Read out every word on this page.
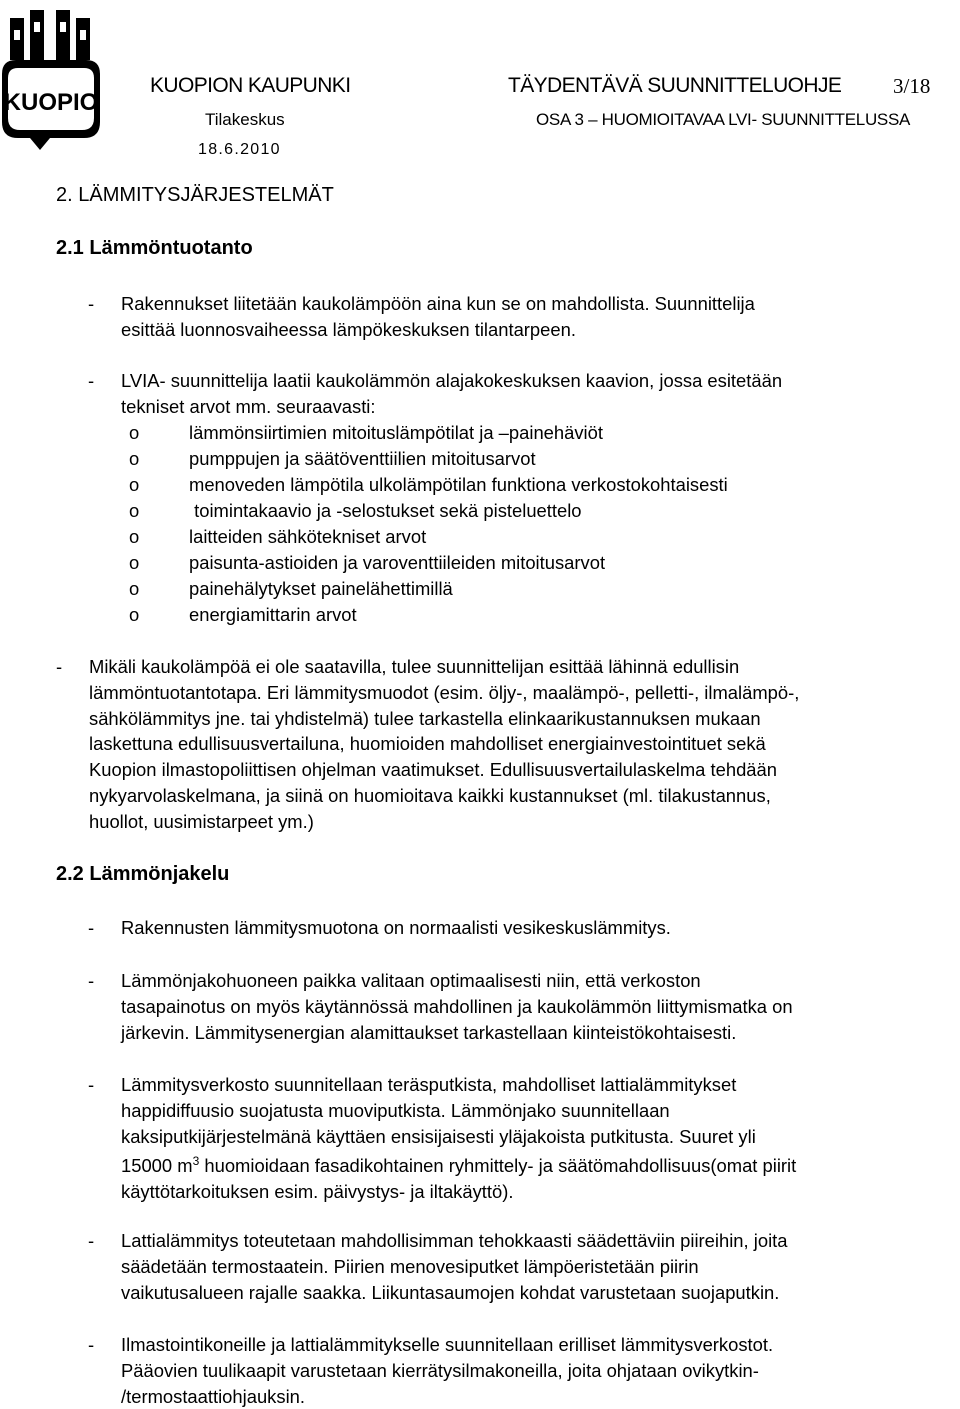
KUOPIO
KUOPION KAUPUNKI	TÄYDENTÄVÄ SUUNNITTELUOHJE 3/18
Tilakeskus	OSA 3 – HUOMIOITAVAA LVI- SUUNNITTELUSSA
18.6.2010
2. LÄMMITYSJÄRJESTELMÄT
2.1 Lämmöntuotanto
-	Rakennukset liitetään kaukolämpöön aina kun se on mahdollista. Suunnittelija

esittää luonnosvaiheessa lämpökeskuksen tilantarpeen.

-	LVIA- suunnittelija laatii kaukolämmön alajakokeskuksen kaavion, jossa esitetään

tekniset arvot mm. seuraavasti:

o	lämmönsiirtimien mitoituslämpötilat ja –painehäviöt
o	pumppujen ja säätöventtiilien mitoitusarvot
o	menoveden lämpötila ulkolämpötilan funktiona verkostokohtaisesti
o	toimintakaavio ja -selostukset sekä pisteluettelo
o	laitteiden sähkötekniset arvot
o	paisunta-astioiden ja varoventtiileiden mitoitusarvot
o	painehälytykset painelähettimillä
o	energiamittarin arvot
-	Mikäli kaukolämpöä ei ole saatavilla, tulee suunnittelijan esittää lähinnä edullisin

lämmöntuotantotapa. Eri lämmitysmuodot (esim. öljy-, maalämpö-, pelletti-, ilmalämpö-,

sähkölämmitys jne. tai yhdistelmä) tulee tarkastella elinkaarikustannuksen mukaan

laskettuna edullisuusvertailuna, huomioiden mahdolliset energiainvestointituet sekä

Kuopion ilmastopoliittisen ohjelman vaatimukset. Edullisuusvertailulaskelma tehdään

nykyarvolaskelmana, ja siinä on huomioitava kaikki kustannukset (ml. tilakustannus,

huollot, uusimistarpeet ym.)

2.2 Lämmönjakelu
-	Rakennusten lämmitysmuotona on normaalisti vesikeskuslämmitys.

-	Lämmönjakohuoneen paikka valitaan optimaalisesti niin, että verkoston

tasapainotus on myös käytännössä mahdollinen ja kaukolämmön liittymismatka on

järkevin. Lämmitysenergian alamittaukset tarkastellaan kiinteistökohtaisesti.

-	Lämmitysverkosto suunnitellaan teräsputkista, mahdolliset lattialämmitykset

happidiffuusio suojatusta muoviputkista. Lämmönjako suunnitellaan

kaksiputkijärjestelmänä käyttäen ensisijaisesti yläjakoista putkitusta. Suuret yli

15000 $m^3$ huomioidaan fasadikohtainen ryhmittely- ja säätömahdollisuus(omat piirit

käyttötarkoituksen esim. päivystys- ja iltakäyttö).

-	Lattialämmitys toteutetaan mahdollisimman tehokkaasti säädettäviin piireihin, joita

säädetään termostaatein. Piirien menovesiputket lämpöeristetään piirin

vaikutusalueen rajalle saakka. Liikuntasaumojen kohdat varustetaan suojaputkin.

-	Ilmastointikoneille ja lattialämmitykselle suunnitellaan erilliset lämmitysverkostot.

Pääovien tuulikaapit varustetaan kierrätysilmakoneilla, joita ohjataan ovikytkin-

/termostaattiohjauksin.
